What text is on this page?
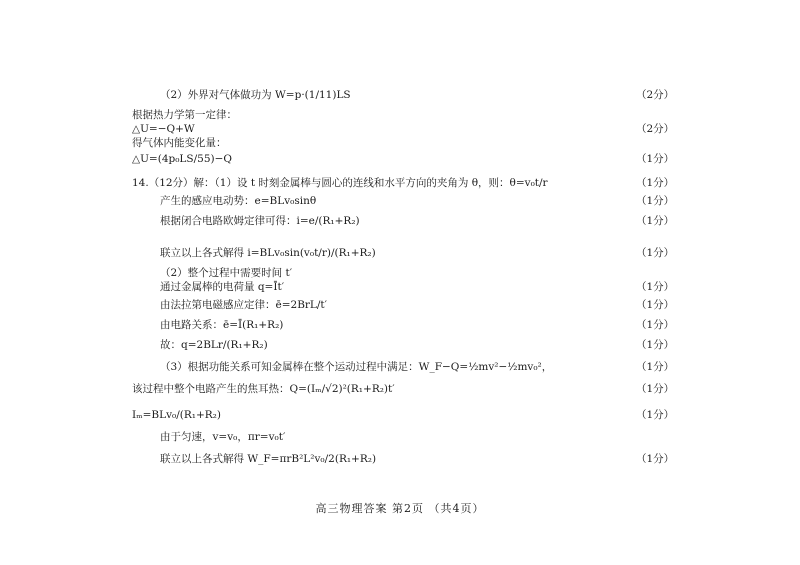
（2）外界对气体做功为 W=p·(1/11)LS	（2分）
根据热力学第一定律：
△U=−Q+W	（2分）
得气体内能变化量：
△U=(4p₀LS/55)−Q	（1分）
14.（12分）解：（1）设 t 时刻金属棒与圆心的连线和水平方向的夹角为 θ，则：θ=v₀t/r	（1分）
产生的感应电动势：e=BLv₀sinθ	（1分）
根据闭合电路欧姆定律可得：i=e/(R₁+R₂)	（1分）
联立以上各式解得 i=BLv₀sin(v₀t/r)/(R₁+R₂)	（1分）
（2）整个过程中需要时间 t′
通过金属棒的电荷量 q=Īt′	（1分）
由法拉第电磁感应定律：ē=2BrL/t′	（1分）
由电路关系：ē=Ī(R₁+R₂)	（1分）
故：q=2BLr/(R₁+R₂)	（1分）
（3）根据功能关系可知金属棒在整个运动过程中满足：W_F−Q=½mv²−½mv₀²，	（1分）
该过程中整个电路产生的焦耳热：Q=(Iₘ/√2)²(R₁+R₂)t′	（1分）
Iₘ=BLv₀/(R₁+R₂)	（1分）
由于匀速，v=v₀，πr=v₀t′
联立以上各式解得 W_F=πrB²L²v₀/2(R₁+R₂)	（1分）
高三物理答案 第2页 （共4页）
